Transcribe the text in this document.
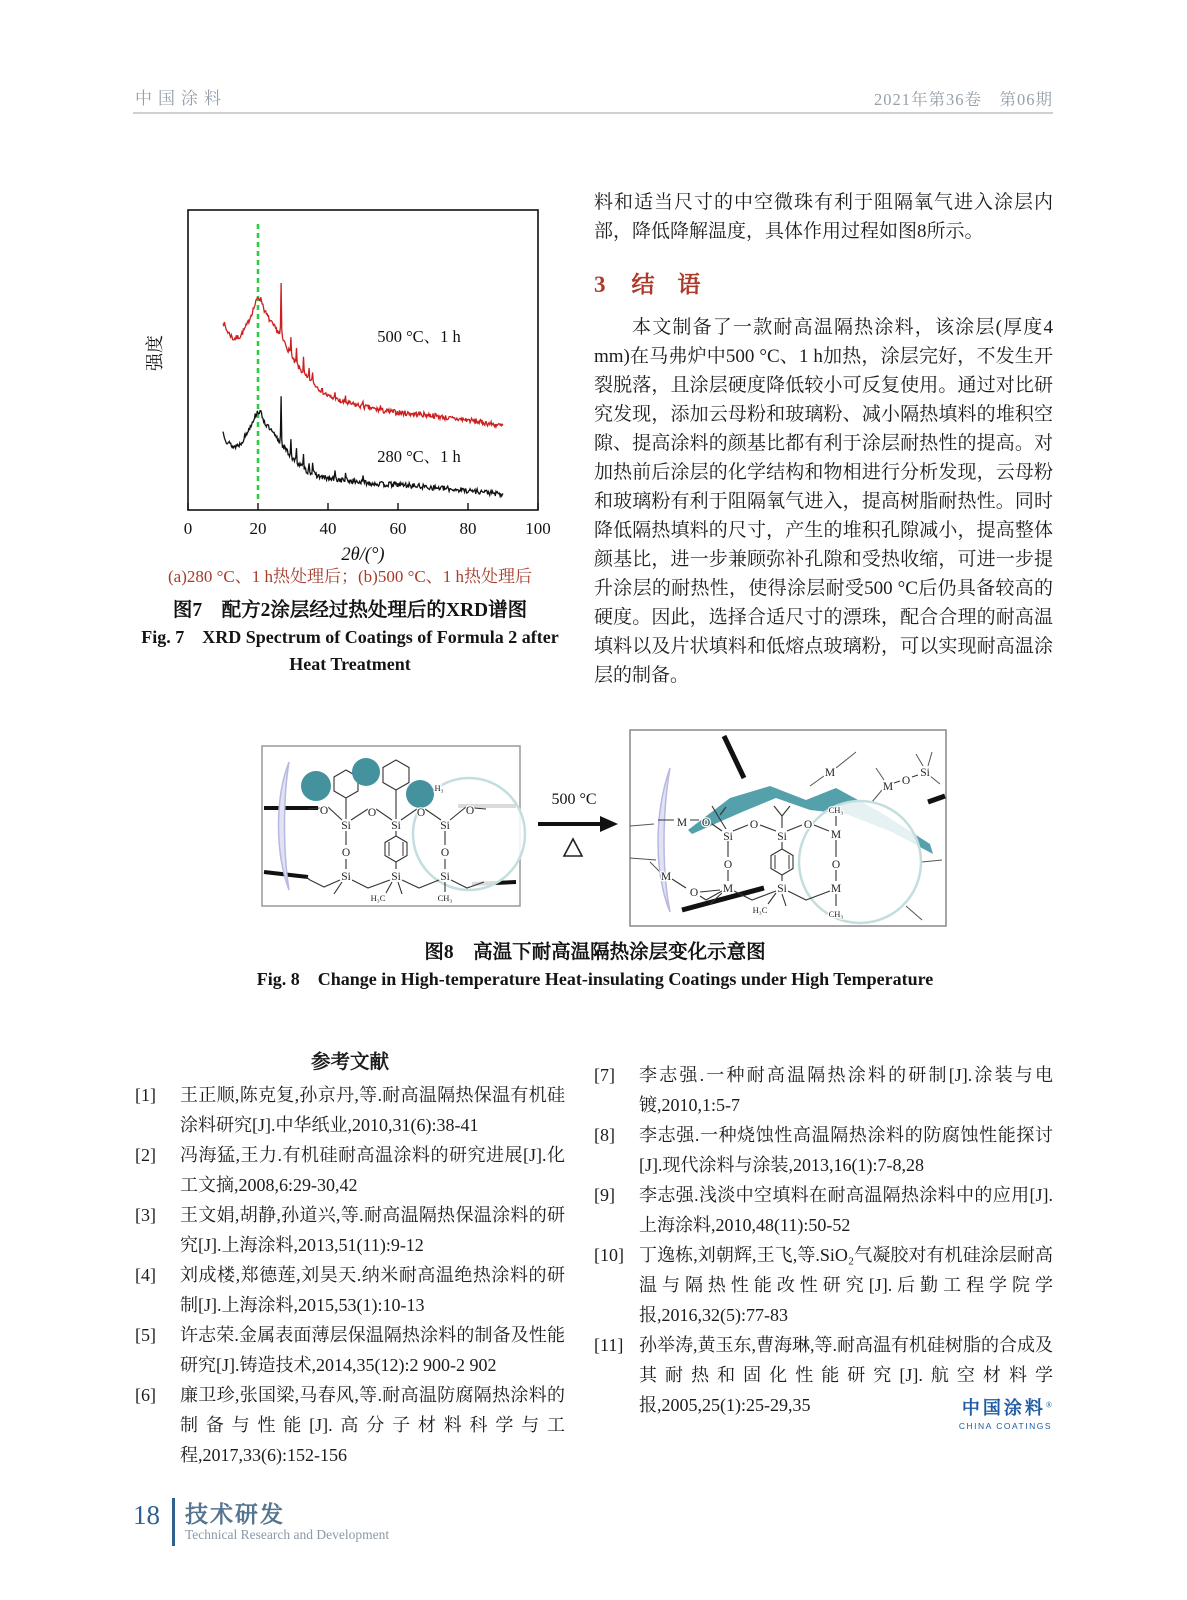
中国涂料	2021年第36卷　第06期
强度
0	20	40	60	80	100
2θ/(°)
500 °C、1 h
280 °C、1 h
(a)280 °C、1 h热处理后；(b)500 °C、1 h热处理后
图7　配方2涂层经过热处理后的XRD谱图
Fig. 7　XRD Spectrum of Coatings of Formula 2 after Heat Treatment

料和适当尺寸的中空微珠有利于阻隔氧气进入涂层内部，降低降解温度，具体作用过程如图8所示。

3 结　语

本文制备了一款耐高温隔热涂料，该涂层(厚度4 mm)在马弗炉中500 °C、1 h加热，涂层完好，不发生开裂脱落，且涂层硬度降低较小可反复使用。通过对比研究发现，添加云母粉和玻璃粉、减小隔热填料的堆积空隙、提高涂料的颜基比都有利于涂层耐热性的提高。对加热前后涂层的化学结构和物相进行分析发现，云母粉和玻璃粉有利于阻隔氧气进入，提高树脂耐热性。同时降低隔热填料的尺寸，产生的堆积孔隙减小，提高整体颜基比，进一步兼顾弥补孔隙和受热收缩，可进一步提升涂层的耐热性，使得涂层耐受500 °C后仍具备较高的硬度。因此，选择合适尺寸的漂珠，配合合理的耐高温填料以及片状填料和低熔点玻璃粉，可以实现耐高温涂层的制备。

O
Si
O
Si
O
Si
O
O	O
Si	Si	Si
H₃C	CH₃
H₃
500 °C
M O
Si
O
Si
O
M
CH₃
O
M	Si
O
M
H₃C	CH₃
M
O
M
M O
Si
图8　高温下耐高温隔热涂层变化示意图
Fig. 8　Change in High-temperature Heat-insulating Coatings under High Temperature
参考文献
[1] 王正顺,陈克复,孙京丹,等.耐高温隔热保温有机硅涂料研究[J].中华纸业,2010,31(6):38-41
[2] 冯海猛,王力.有机硅耐高温涂料的研究进展[J].化工文摘,2008,6:29-30,42
[3] 王文娟,胡静,孙道兴,等.耐高温隔热保温涂料的研究[J].上海涂料,2013,51(11):9-12
[4] 刘成楼,郑德莲,刘昊天.纳米耐高温绝热涂料的研制[J].上海涂料,2015,53(1):10-13
[5] 许志荣.金属表面薄层保温隔热涂料的制备及性能研究[J].铸造技术,2014,35(12):2 900-2 902
[6] 廉卫珍,张国梁,马春风,等.耐高温防腐隔热涂料的制备与性能[J].高分子材料科学与工程,2017,33(6):152-156
[7] 李志强.一种耐高温隔热涂料的研制[J].涂装与电镀,2010,1:5-7
[8] 李志强.一种烧蚀性高温隔热涂料的防腐蚀性能探讨[J].现代涂料与涂装,2013,16(1):7-8,28
[9] 李志强.浅淡中空填料在耐高温隔热涂料中的应用[J].上海涂料,2010,48(11):50-52
[10] 丁逸栋,刘朝辉,王飞,等.SiO₂气凝胶对有机硅涂层耐高温与隔热性能改性研究[J].后勤工程学院学报,2016,32(5):77-83
[11] 孙举涛,黄玉东,曹海琳,等.耐高温有机硅树脂的合成及其耐热和固化性能研究[J].航空材料学报,2005,25(1):25-29,35	中国涂料®
CHINA COATINGS
18 技术研发
Technical Research and Development
